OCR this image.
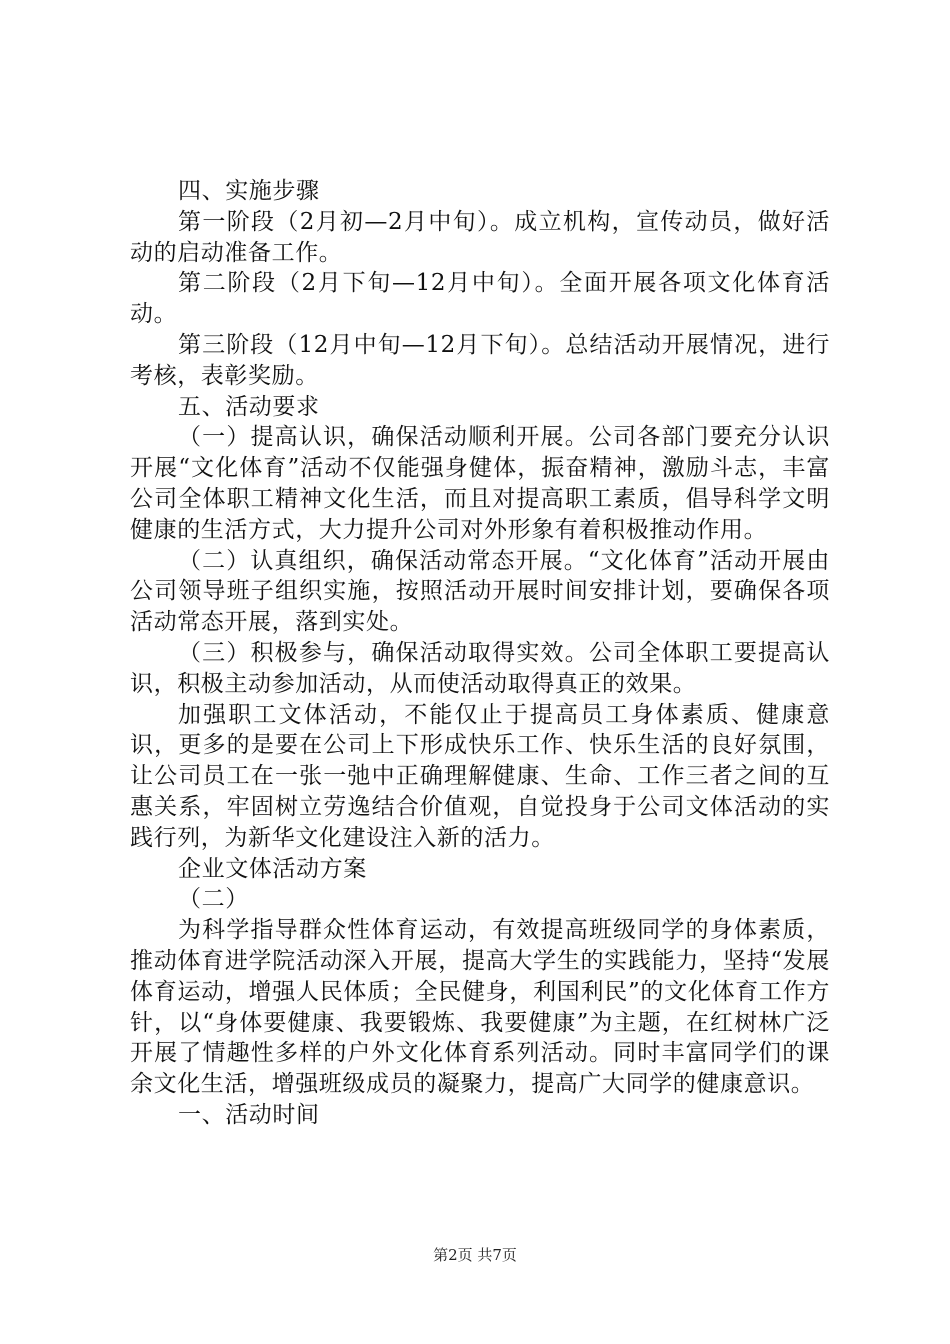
四、实施步骤

第一阶段（2月初—2月中旬）。成立机构，宣传动员，做好活动的启动准备工作。

第二阶段（2月下旬—12月中旬）。全面开展各项文化体育活动。

第三阶段（12月中旬—12月下旬）。总结活动开展情况，进行考核，表彰奖励。

五、活动要求

（一）提高认识，确保活动顺利开展。公司各部门要充分认识开展“文化体育”活动不仅能强身健体，振奋精神，激励斗志，丰富公司全体职工精神文化生活，而且对提高职工素质，倡导科学文明健康的生活方式，大力提升公司对外形象有着积极推动作用。

（二）认真组织，确保活动常态开展。“文化体育”活动开展由公司领导班子组织实施，按照活动开展时间安排计划，要确保各项活动常态开展，落到实处。

（三）积极参与，确保活动取得实效。公司全体职工要提高认识，积极主动参加活动，从而使活动取得真正的效果。

加强职工文体活动，不能仅止于提高员工身体素质、健康意识，更多的是要在公司上下形成快乐工作、快乐生活的良好氛围，让公司员工在一张一弛中正确理解健康、生命、工作三者之间的互惠关系，牢固树立劳逸结合价值观，自觉投身于公司文体活动的实践行列，为新华文化建设注入新的活力。

企业文体活动方案

（二）

为科学指导群众性体育运动，有效提高班级同学的身体素质，推动体育进学院活动深入开展，提高大学生的实践能力，坚持“发展体育运动，增强人民体质；全民健身，利国利民”的文化体育工作方针，以“身体要健康、我要锻炼、我要健康”为主题，在红树林广泛开展了情趣性多样的户外文化体育系列活动。同时丰富同学们的课余文化生活，增强班级成员的凝聚力，提高广大同学的健康意识。

一、活动时间

第2页 共7页
